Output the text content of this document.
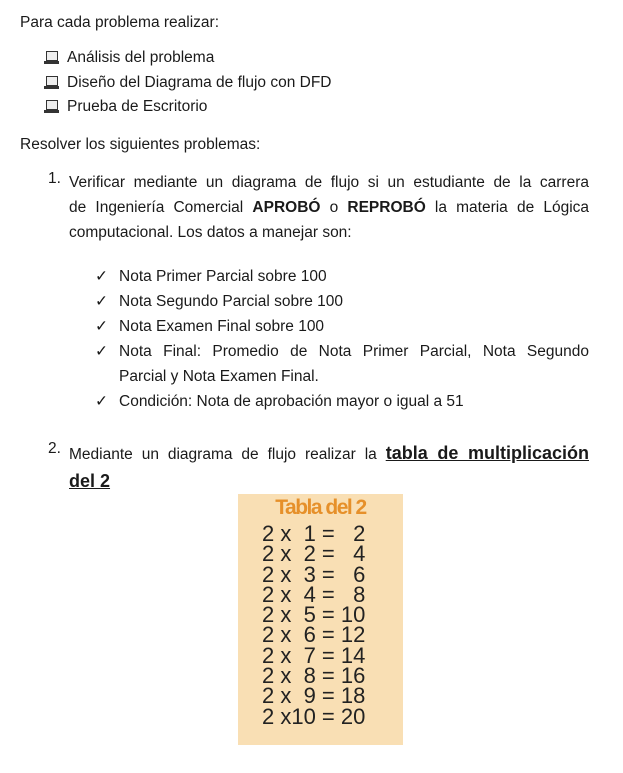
Para cada problema realizar:
Análisis del problema
Diseño del Diagrama de flujo con DFD
Prueba de Escritorio
Resolver los siguientes problemas:
1. Verificar mediante un diagrama de flujo si un estudiante de la carrera
de Ingeniería Comercial APROBÓ o REPROBÓ la materia de Lógica
computacional. Los datos a manejar son:
✓ Nota Primer Parcial sobre 100
✓ Nota Segundo Parcial sobre 100
✓ Nota Examen Final sobre 100
✓ Nota Final: Promedio de Nota Primer Parcial, Nota Segundo
Parcial y Nota Examen Final.
✓ Condición: Nota de aprobación mayor o igual a 51
2. Mediante un diagrama de flujo realizar la tabla de multiplicación
del 2
Tabla del 2
2 x  1 =   2
2 x  2 =   4
2 x  3 =   6
2 x  4 =   8
2 x  5 = 10
2 x  6 = 12
2 x  7 = 14
2 x  8 = 16
2 x  9 = 18
2 x10 = 20
